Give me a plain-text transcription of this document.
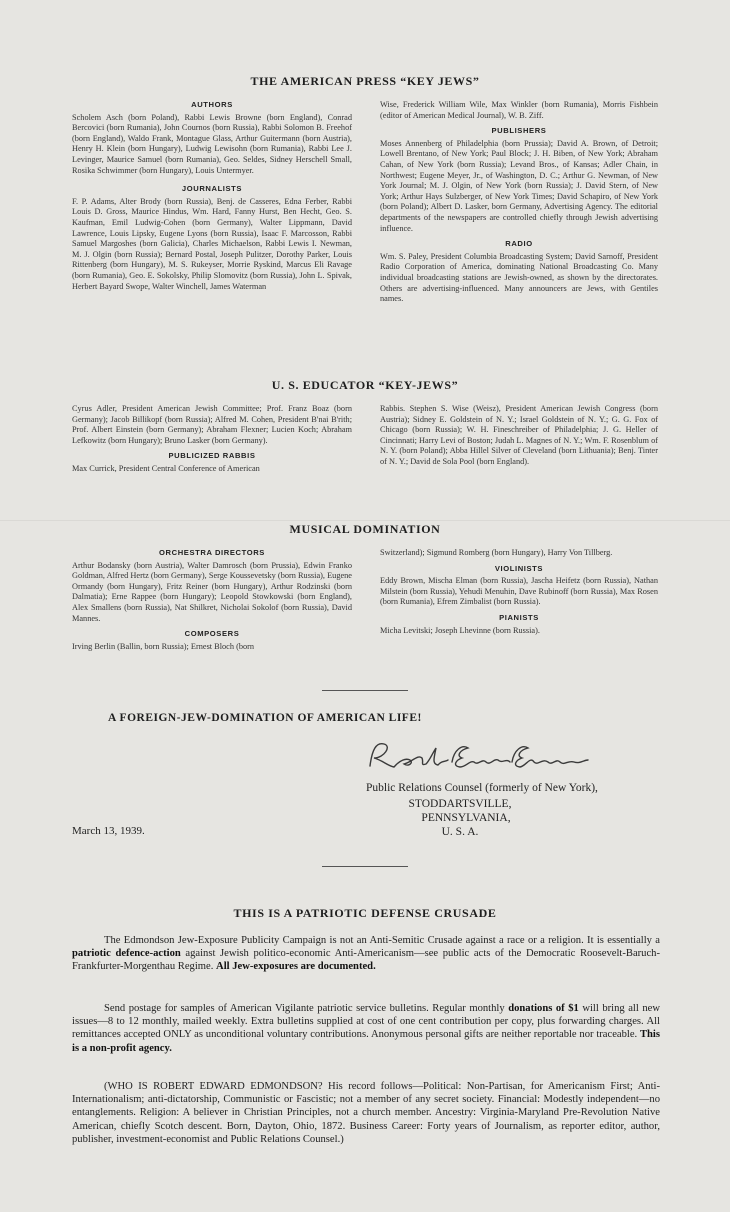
THE AMERICAN PRESS “KEY JEWS”
AUTHORS
Scholem Asch (born Poland), Rabbi Lewis Browne (born England), Conrad Bercovici (born Rumania), John Cournos (born Russia), Rabbi Solomon B. Freehof (born England), Waldo Frank, Montague Glass, Arthur Guitermann (born Austria), Henry H. Klein (born Hungary), Ludwig Lewisohn (born Rumania), Rabbi Lee J. Levinger, Maurice Samuel (born Rumania), Geo. Seldes, Sidney Herschell Small, Rosika Schwimmer (born Hungary), Louis Untermyer.
JOURNALISTS
F. P. Adams, Alter Brody (born Russia), Benj. de Casseres, Edna Ferber, Rabbi Louis D. Gross, Maurice Hindus, Wm. Hard, Fanny Hurst, Ben Hecht, Geo. S. Kaufman, Emil Ludwig-Cohen (born Germany), Walter Lippmann, David Lawrence, Louis Lipsky, Eugene Lyons (born Russia), Isaac F. Marcosson, Rabbi Samuel Margoshes (born Galicia), Charles Michaelson, Rabbi Lewis I. Newman, M. J. Olgin (born Russia); Bernard Postal, Joseph Pulitzer, Dorothy Parker, Louis Rittenberg (born Hungary), M. S. Rukeyser, Morrie Ryskind, Marcus Eli Ravage (born Rumania), Geo. E. Sokolsky, Philip Slomovitz (born Russia), John L. Spivak, Herbert Bayard Swope, Walter Winchell, James Waterman
Wise, Frederick William Wile, Max Winkler (born Rumania), Morris Fishbein (editor of American Medical Journal), W. B. Ziff.
PUBLISHERS
Moses Annenberg of Philadelphia (born Prussia); David A. Brown, of Detroit; Lowell Brentano, of New York; Paul Block; J. H. Biben, of New York; Abraham Cahan, of New York (born Russia); Levand Bros., of Kansas; Adler Chain, in Northwest; Eugene Meyer, Jr., of Washington, D. C.; Arthur G. Newman, of New York Journal; M. J. Olgin, of New York (born Russia); J. David Stern, of New York; Arthur Hays Sulzberger, of New York Times; David Schapiro, of New York (born Poland); Albert D. Lasker, born Germany, Advertising Agency. The editorial departments of the newspapers are controlled chiefly through Jewish advertising influence.
RADIO
Wm. S. Paley, President Columbia Broadcasting System; David Sarnoff, President Radio Corporation of America, dominating National Broadcasting Co. Many individual broadcasting stations are Jewish-owned, as shown by the directorates. Others are advertising-influenced. Many announcers are Jews, with Gentiles names.
U. S. EDUCATOR “KEY-JEWS”
Cyrus Adler, President American Jewish Committee; Prof. Franz Boaz (born Germany); Jacob Billikopf (born Russia); Alfred M. Cohen, President B'nai B'rith; Prof. Albert Einstein (born Germany); Abraham Flexner; Lucien Koch; Abraham Lefkowitz (born Hungary); Bruno Lasker (born Germany).
PUBLICIZED RABBIS
Max Currick, President Central Conference of American
Rabbis. Stephen S. Wise (Weisz), President American Jewish Congress (born Austria); Sidney E. Goldstein of N. Y.; Israel Goldstein of N. Y.; G. G. Fox of Chicago (born Russia); W. H. Fineschreiber of Philadelphia; J. G. Heller of Cincinnati; Harry Levi of Boston; Judah L. Magnes of N. Y.; Wm. F. Rosenblum of N. Y. (born Poland); Abba Hillel Silver of Cleveland (born Lithuania); Benj. Tinter of N. Y.; David de Sola Pool (born England).
MUSICAL DOMINATION
ORCHESTRA DIRECTORS
Arthur Bodansky (born Austria), Walter Damrosch (born Prussia), Edwin Franko Goldman, Alfred Hertz (born Germany), Serge Koussevetsky (born Russia), Eugene Ormandy (born Hungary), Fritz Reiner (born Hungary), Arthur Rodzinski (born Dalmatia); Erne Rappee (born Hungary); Leopold Stowkowski (born England), Alex Smallens (born Russia), Nat Shilkret, Nicholai Sokolof (born Russia), David Mannes.
COMPOSERS
Irving Berlin (Ballin, born Russia); Ernest Bloch (born
Switzerland); Sigmund Romberg (born Hungary), Harry Von Tillberg.
VIOLINISTS
Eddy Brown, Mischa Elman (born Russia), Jascha Heifetz (born Russia), Nathan Milstein (born Russia), Yehudi Menuhin, Dave Rubinoff (born Russia), Max Rosen (born Rumania), Efrem Zimbalist (born Russia).
PIANISTS
Micha Levitski; Joseph Lhevinne (born Russia).
A FOREIGN-JEW-DOMINATION OF AMERICAN LIFE!
Public Relations Counsel (formerly of New York),
STODDARTSVILLE,
PENNSYLVANIA,
U. S. A.
March 13, 1939.
THIS IS A PATRIOTIC DEFENSE CRUSADE
The Edmondson Jew-Exposure Publicity Campaign is not an Anti-Semitic Crusade against a race or a religion. It is essentially a patriotic defence-action against Jewish politico-economic Anti-Americanism—see public acts of the Democratic Roosevelt-Baruch-Frankfurter-Morgenthau Regime. All Jew-exposures are documented.
Send postage for samples of American Vigilante patriotic service bulletins. Regular monthly donations of $1 will bring all new issues—8 to 12 monthly, mailed weekly. Extra bulletins supplied at cost of one cent contribution per copy, plus forwarding charges. All remittances accepted ONLY as unconditional voluntary contributions. Anonymous personal gifts are neither reportable nor traceable. This is a non-profit agency.
(WHO IS ROBERT EDWARD EDMONDSON? His record follows—Political: Non-Partisan, for Americanism First; Anti-Internationalism; anti-dictatorship, Communistic or Fascistic; not a member of any secret society. Financial: Modestly independent—no entanglements. Religion: A believer in Christian Principles, not a church member. Ancestry: Virginia-Maryland Pre-Revolution Native American, chiefly Scotch descent. Born, Dayton, Ohio, 1872. Business Career: Forty years of Journalism, as reporter editor, author, publisher, investment-economist and Public Relations Counsel.)
